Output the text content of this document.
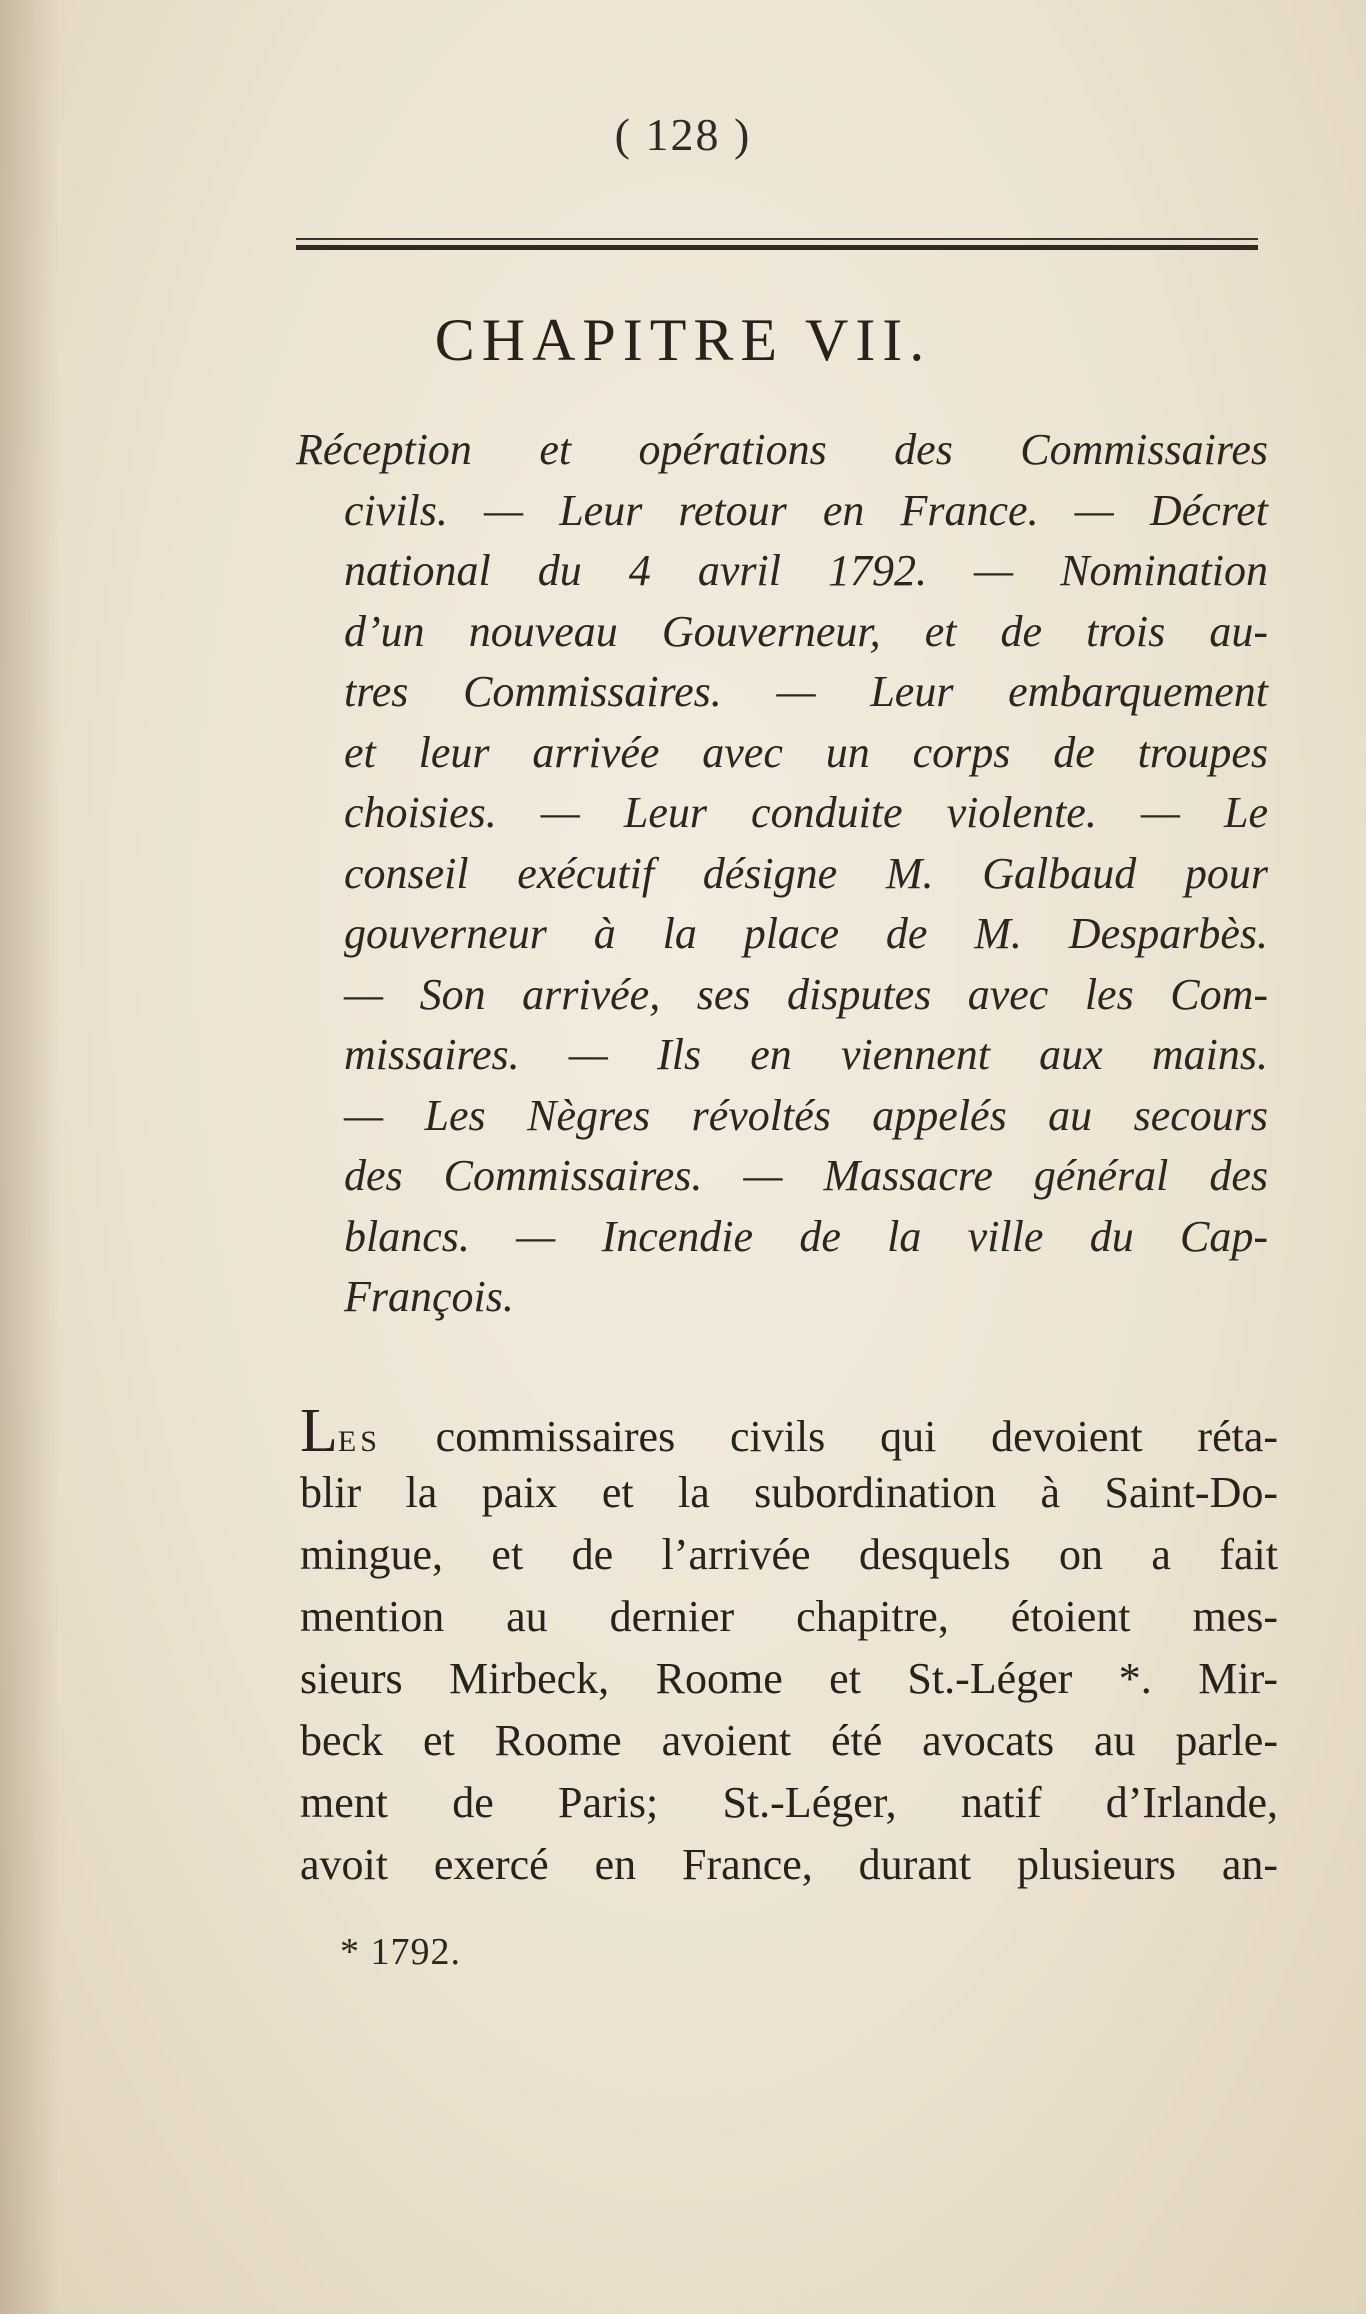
( 128 )
CHAPITRE VII.
Réception et opérations des Commissaires
civils. — Leur retour en France. — Décret
national du 4 avril 1792. — Nomination
d’un nouveau Gouverneur, et de trois au-
tres Commissaires. — Leur embarquement
et leur arrivée avec un corps de troupes
choisies. — Leur conduite violente. — Le
conseil exécutif désigne M. Galbaud pour
gouverneur à la place de M. Desparbès.
— Son arrivée, ses disputes avec les Com-
missaires. — Ils en viennent aux mains.
— Les Nègres révoltés appelés au secours
des Commissaires. — Massacre général des
blancs. — Incendie de la ville du Cap-
François.
LES commissaires civils qui devoient réta-
blir la paix et la subordination à Saint-Do-
mingue, et de l’arrivée desquels on a fait
mention au dernier chapitre, étoient mes-
sieurs Mirbeck, Roome et St.-Léger *. Mir-
beck et Roome avoient été avocats au parle-
ment de Paris; St.-Léger, natif d’Irlande,
avoit exercé en France, durant plusieurs an-
* 1792.
